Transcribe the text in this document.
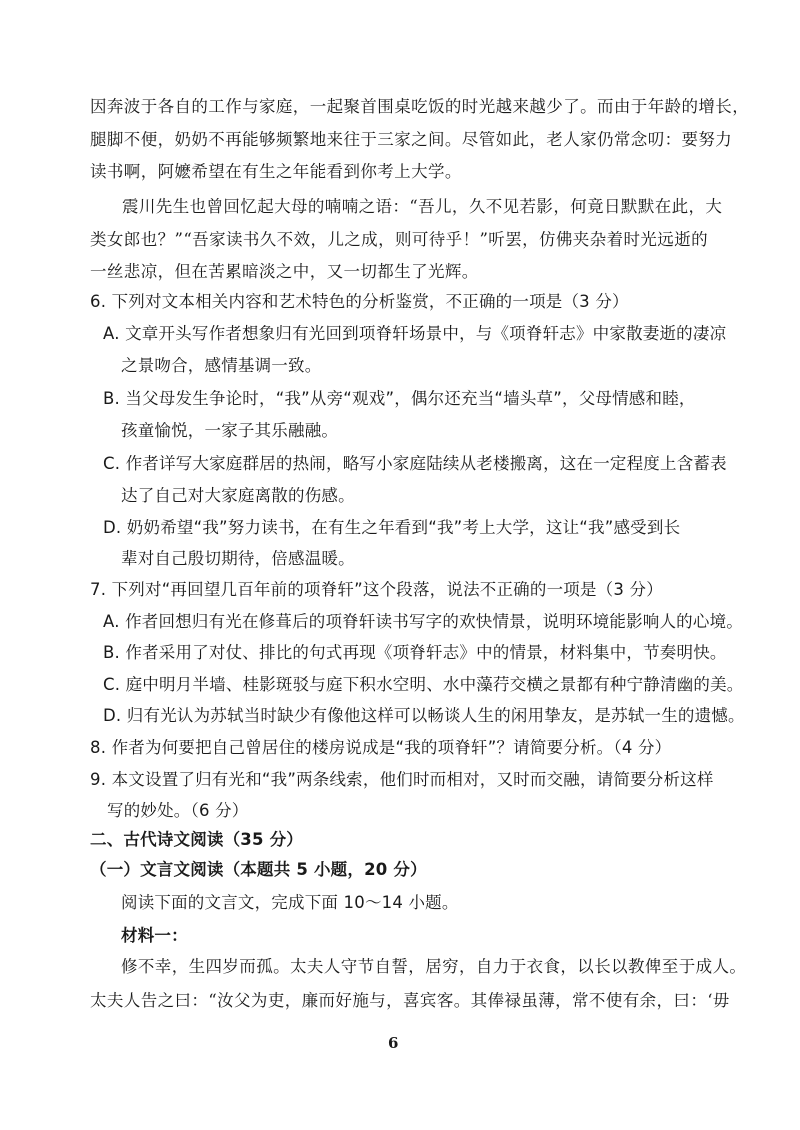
因奔波于各自的工作与家庭，一起聚首围桌吃饭的时光越来越少了。而由于年龄的增长，
腿脚不便，奶奶不再能够频繁地来往于三家之间。尽管如此，老人家仍常念叨：要努力
读书啊，阿嬷希望在有生之年能看到你考上大学。
震川先生也曾回忆起大母的喃喃之语：“吾儿，久不见若影，何竟日默默在此，大
类女郎也？”“吾家读书久不效，儿之成，则可待乎！”听罢，仿佛夹杂着时光远逝的
一丝悲凉，但在苦累暗淡之中，又一切都生了光辉。
6. 下列对文本相关内容和艺术特色的分析鉴赏，不正确的一项是（3 分）
A. 文章开头写作者想象归有光回到项脊轩场景中，与《项脊轩志》中家散妻逝的凄凉
之景吻合，感情基调一致。
B. 当父母发生争论时，“我”从旁“观戏”，偶尔还充当“墙头草”，父母情感和睦，
孩童愉悦，一家子其乐融融。
C. 作者详写大家庭群居的热闹，略写小家庭陆续从老楼搬离，这在一定程度上含蓄表
达了自己对大家庭离散的伤感。
D. 奶奶希望“我”努力读书，在有生之年看到“我”考上大学，这让“我”感受到长
辈对自己殷切期待，倍感温暖。
7. 下列对“再回望几百年前的项脊轩”这个段落，说法不正确的一项是（3 分）
A. 作者回想归有光在修葺后的项脊轩读书写字的欢快情景，说明环境能影响人的心境。
B. 作者采用了对仗、排比的句式再现《项脊轩志》中的情景，材料集中，节奏明快。
C. 庭中明月半墙、桂影斑驳与庭下积水空明、水中藻荇交横之景都有种宁静清幽的美。
D. 归有光认为苏轼当时缺少有像他这样可以畅谈人生的闲用挚友，是苏轼一生的遗憾。
8. 作者为何要把自己曾居住的楼房说成是“我的项脊轩”？请简要分析。（4 分）
9. 本文设置了归有光和“我”两条线索，他们时而相对，又时而交融，请简要分析这样
写的妙处。（6 分）
二、古代诗文阅读（35 分）
（一）文言文阅读（本题共 5 小题，20 分）
阅读下面的文言文，完成下面 10～14 小题。
材料一：
修不幸，生四岁而孤。太夫人守节自誓，居穷，自力于衣食，以长以教俾至于成人。
太夫人告之曰：“汝父为吏，廉而好施与，喜宾客。其俸禄虽薄，常不使有余，曰：‘毋
6
